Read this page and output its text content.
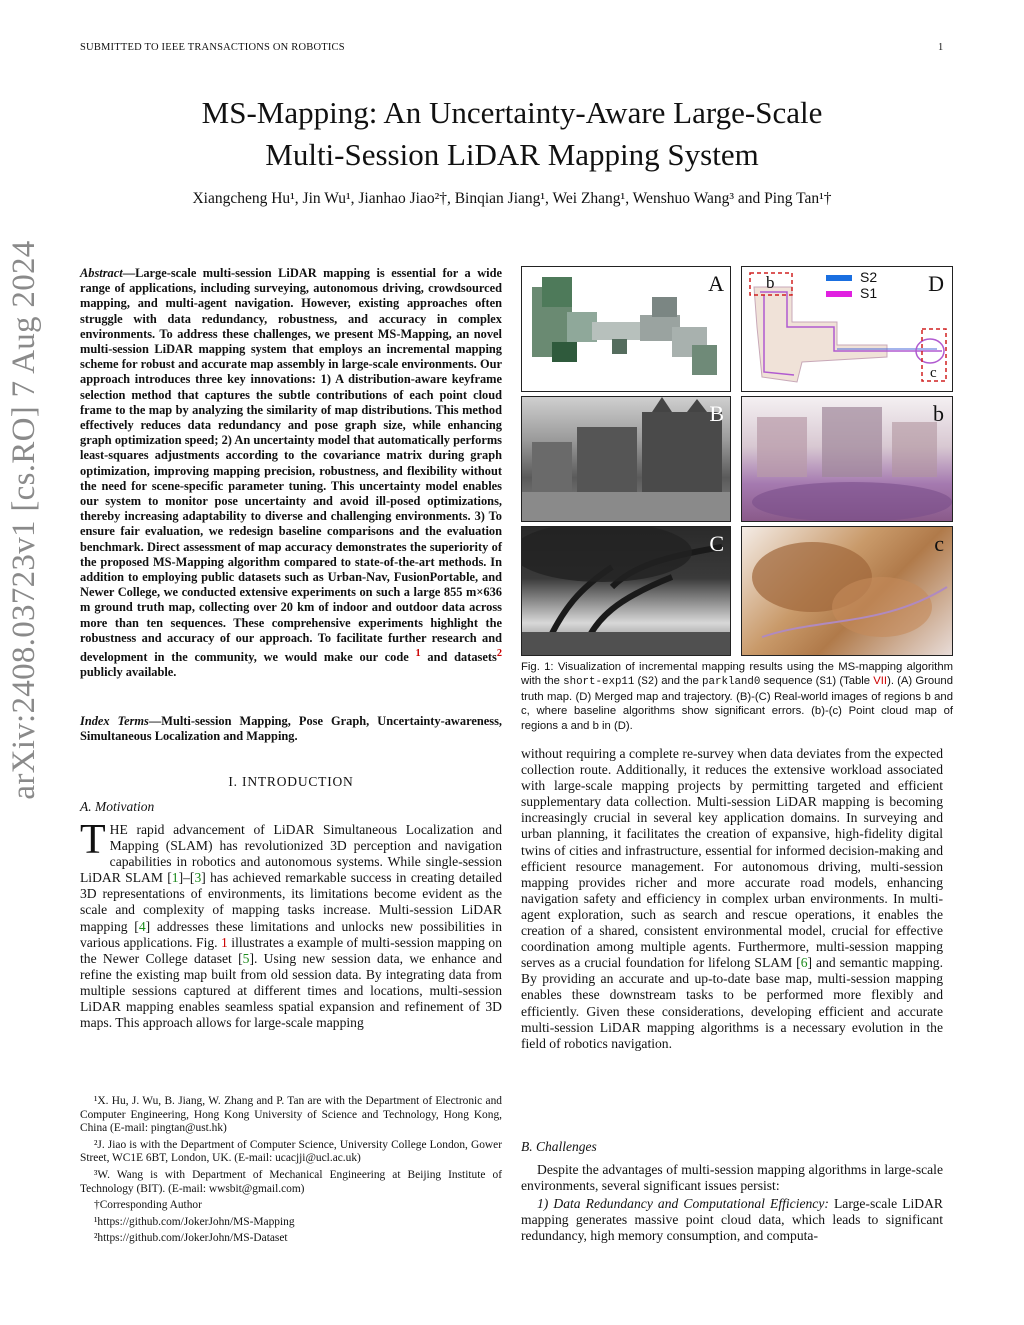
SUBMITTED TO IEEE TRANSACTIONS ON ROBOTICS	1
MS-Mapping: An Uncertainty-Aware Large-Scale
Multi-Session LiDAR Mapping System
Xiangcheng Hu¹, Jin Wu¹, Jianhao Jiao²†, Binqian Jiang¹, Wei Zhang¹, Wenshuo Wang³ and Ping Tan¹†
arXiv:2408.03723v1 [cs.RO] 7 Aug 2024	Abstract—Large-scale multi-session LiDAR mapping is essential for a wide range of applications, including surveying, autonomous driving, crowdsourced mapping, and multi-agent navigation. However, existing approaches often struggle with data redundancy, robustness, and accuracy in complex environments. To address these challenges, we present MS-Mapping, an novel multi-session LiDAR mapping system that employs an incremental mapping scheme for robust and accurate map assembly in large-scale environments. Our approach introduces three key innovations: 1) A distribution-aware keyframe selection method that captures the subtle contributions of each point cloud frame to the map by analyzing the similarity of map distributions. This method effectively reduces data redundancy and pose graph size, while enhancing graph optimization speed; 2) An uncertainty model that automatically performs least-squares adjustments according to the covariance matrix during graph optimization, improving mapping precision, robustness, and flexibility without the need for scene-specific parameter tuning. This uncertainty model enables our system to monitor pose uncertainty and avoid ill-posed optimizations, thereby increasing adaptability to diverse and challenging environments. 3) To ensure fair evaluation, we redesign baseline comparisons and the evaluation benchmark. Direct assessment of map accuracy demonstrates the superiority of the proposed MS-Mapping algorithm compared to state-of-the-art methods. In addition to employing public datasets such as Urban-Nav, FusionPortable, and Newer College, we conducted extensive experiments on such a large 855 m×636 m ground truth map, collecting over 20 km of indoor and outdoor data across more than ten sequences. These comprehensive experiments highlight the robustness and accuracy of our approach. To facilitate further research and development in the community, we would make our code $^1$ and datasets$^2$ publicly available.
Index Terms—Multi-session Mapping, Pose Graph, Uncertainty-awareness, Simultaneous Localization and Mapping.
I. INTRODUCTION
A. Motivation
THE rapid advancement of LiDAR Simultaneous Localization and Mapping (SLAM) has revolutionized 3D perception and navigation capabilities in robotics and autonomous systems. While single-session LiDAR SLAM [1]–[3] has achieved remarkable success in creating detailed 3D representations of environments, its limitations become evident as the scale and complexity of mapping tasks increase. Multi-session LiDAR mapping [4] addresses these limitations and unlocks new possibilities in various applications. Fig. 1 illustrates a example of multi-session mapping on the Newer College dataset [5]. Using new session data, we enhance and refine the existing map built from old session data. By integrating data from multiple sessions captured at different times and locations, multi-session LiDAR mapping enables seamless spatial expansion and refinement of 3D maps. This approach allows for large-scale mapping

¹X. Hu, J. Wu, B. Jiang, W. Zhang and P. Tan are with the Department of Electronic and Computer Engineering, Hong Kong University of Science and Technology, Hong Kong, China (E-mail: pingtan@ust.hk)

²J. Jiao is with the Department of Computer Science, University College London, Gower Street, WC1E 6BT, London, UK. (E-mail: ucacjji@ucl.ac.uk)

³W. Wang is with Department of Mechanical Engineering at Beijing Institute of Technology (BIT). (E-mail: wwsbit@gmail.com)

†Corresponding Author

¹https://github.com/JokerJohn/MS-Mapping

²https://github.com/JokerJohn/MS-Dataset

A b	S2
S1 D
c
B	b
C	c
Fig. 1: Visualization of incremental mapping results using the MS-mapping algorithm with the short-exp11 (S2) and the parkland0 sequence (S1) (Table VII). (A) Ground truth map. (D) Merged map and trajectory. (B)-(C) Real-world images of regions b and c, where baseline algorithms show significant errors. (b)-(c) Point cloud map of regions a and b in (D).
without requiring a complete re-survey when data deviates from the expected collection route. Additionally, it reduces the extensive workload associated with large-scale mapping projects by permitting targeted and efficient supplementary data collection. Multi-session LiDAR mapping is becoming increasingly crucial in several key application domains. In surveying and urban planning, it facilitates the creation of expansive, high-fidelity digital twins of cities and infrastructure, essential for informed decision-making and efficient resource management. For autonomous driving, multi-session mapping provides richer and more accurate road models, enhancing navigation safety and efficiency in complex urban environments. In multi-agent exploration, such as search and rescue operations, it enables the creation of a shared, consistent environmental model, crucial for effective coordination among multiple agents. Furthermore, multi-session mapping serves as a crucial foundation for lifelong SLAM [6] and semantic mapping. By providing an accurate and up-to-date base map, multi-session mapping enables these downstream tasks to be performed more flexibly and efficiently. Given these considerations, developing efficient and accurate multi-session LiDAR mapping algorithms is a necessary evolution in the field of robotics navigation.
B. Challenges
Despite the advantages of multi-session mapping algorithms in large-scale environments, several significant issues persist:
1) Data Redundancy and Computational Efficiency: Large-scale LiDAR mapping generates massive point cloud data, which leads to significant redundancy, high memory consumption, and computa-
